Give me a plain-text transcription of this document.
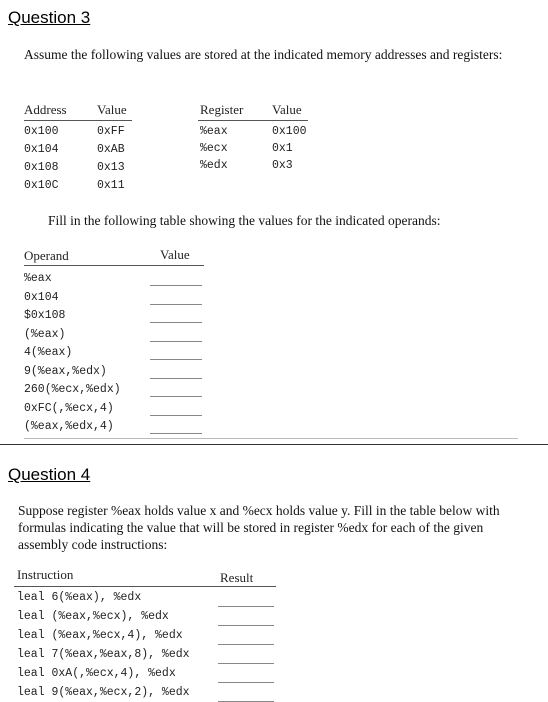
Question 3
Assume the following values are stored at the indicated memory addresses and registers:
Address Value
0x100	0xFF
0x104	0xAB
0x108	0x13
0x10C	0x11
Register Value
%eax	0x100
%ecx	0x1
%edx	0x3
Fill in the following table showing the values for the indicated operands:
Operand	Value
%eax
0x104
$0x108
(%eax)
4(%eax)
9(%eax,%edx)
260(%ecx,%edx)
0xFC(,%ecx,4)
(%eax,%edx,4)
Question 4
Suppose register %eax holds value x and %ecx holds value y. Fill in the table below with formulas indicating the value that will be stored in register %edx for each of the given assembly code instructions:
Instruction	Result
leal 6(%eax), %edx
leal (%eax,%ecx), %edx
leal (%eax,%ecx,4), %edx
leal 7(%eax,%eax,8), %edx
leal 0xA(,%ecx,4), %edx
leal 9(%eax,%ecx,2), %edx
